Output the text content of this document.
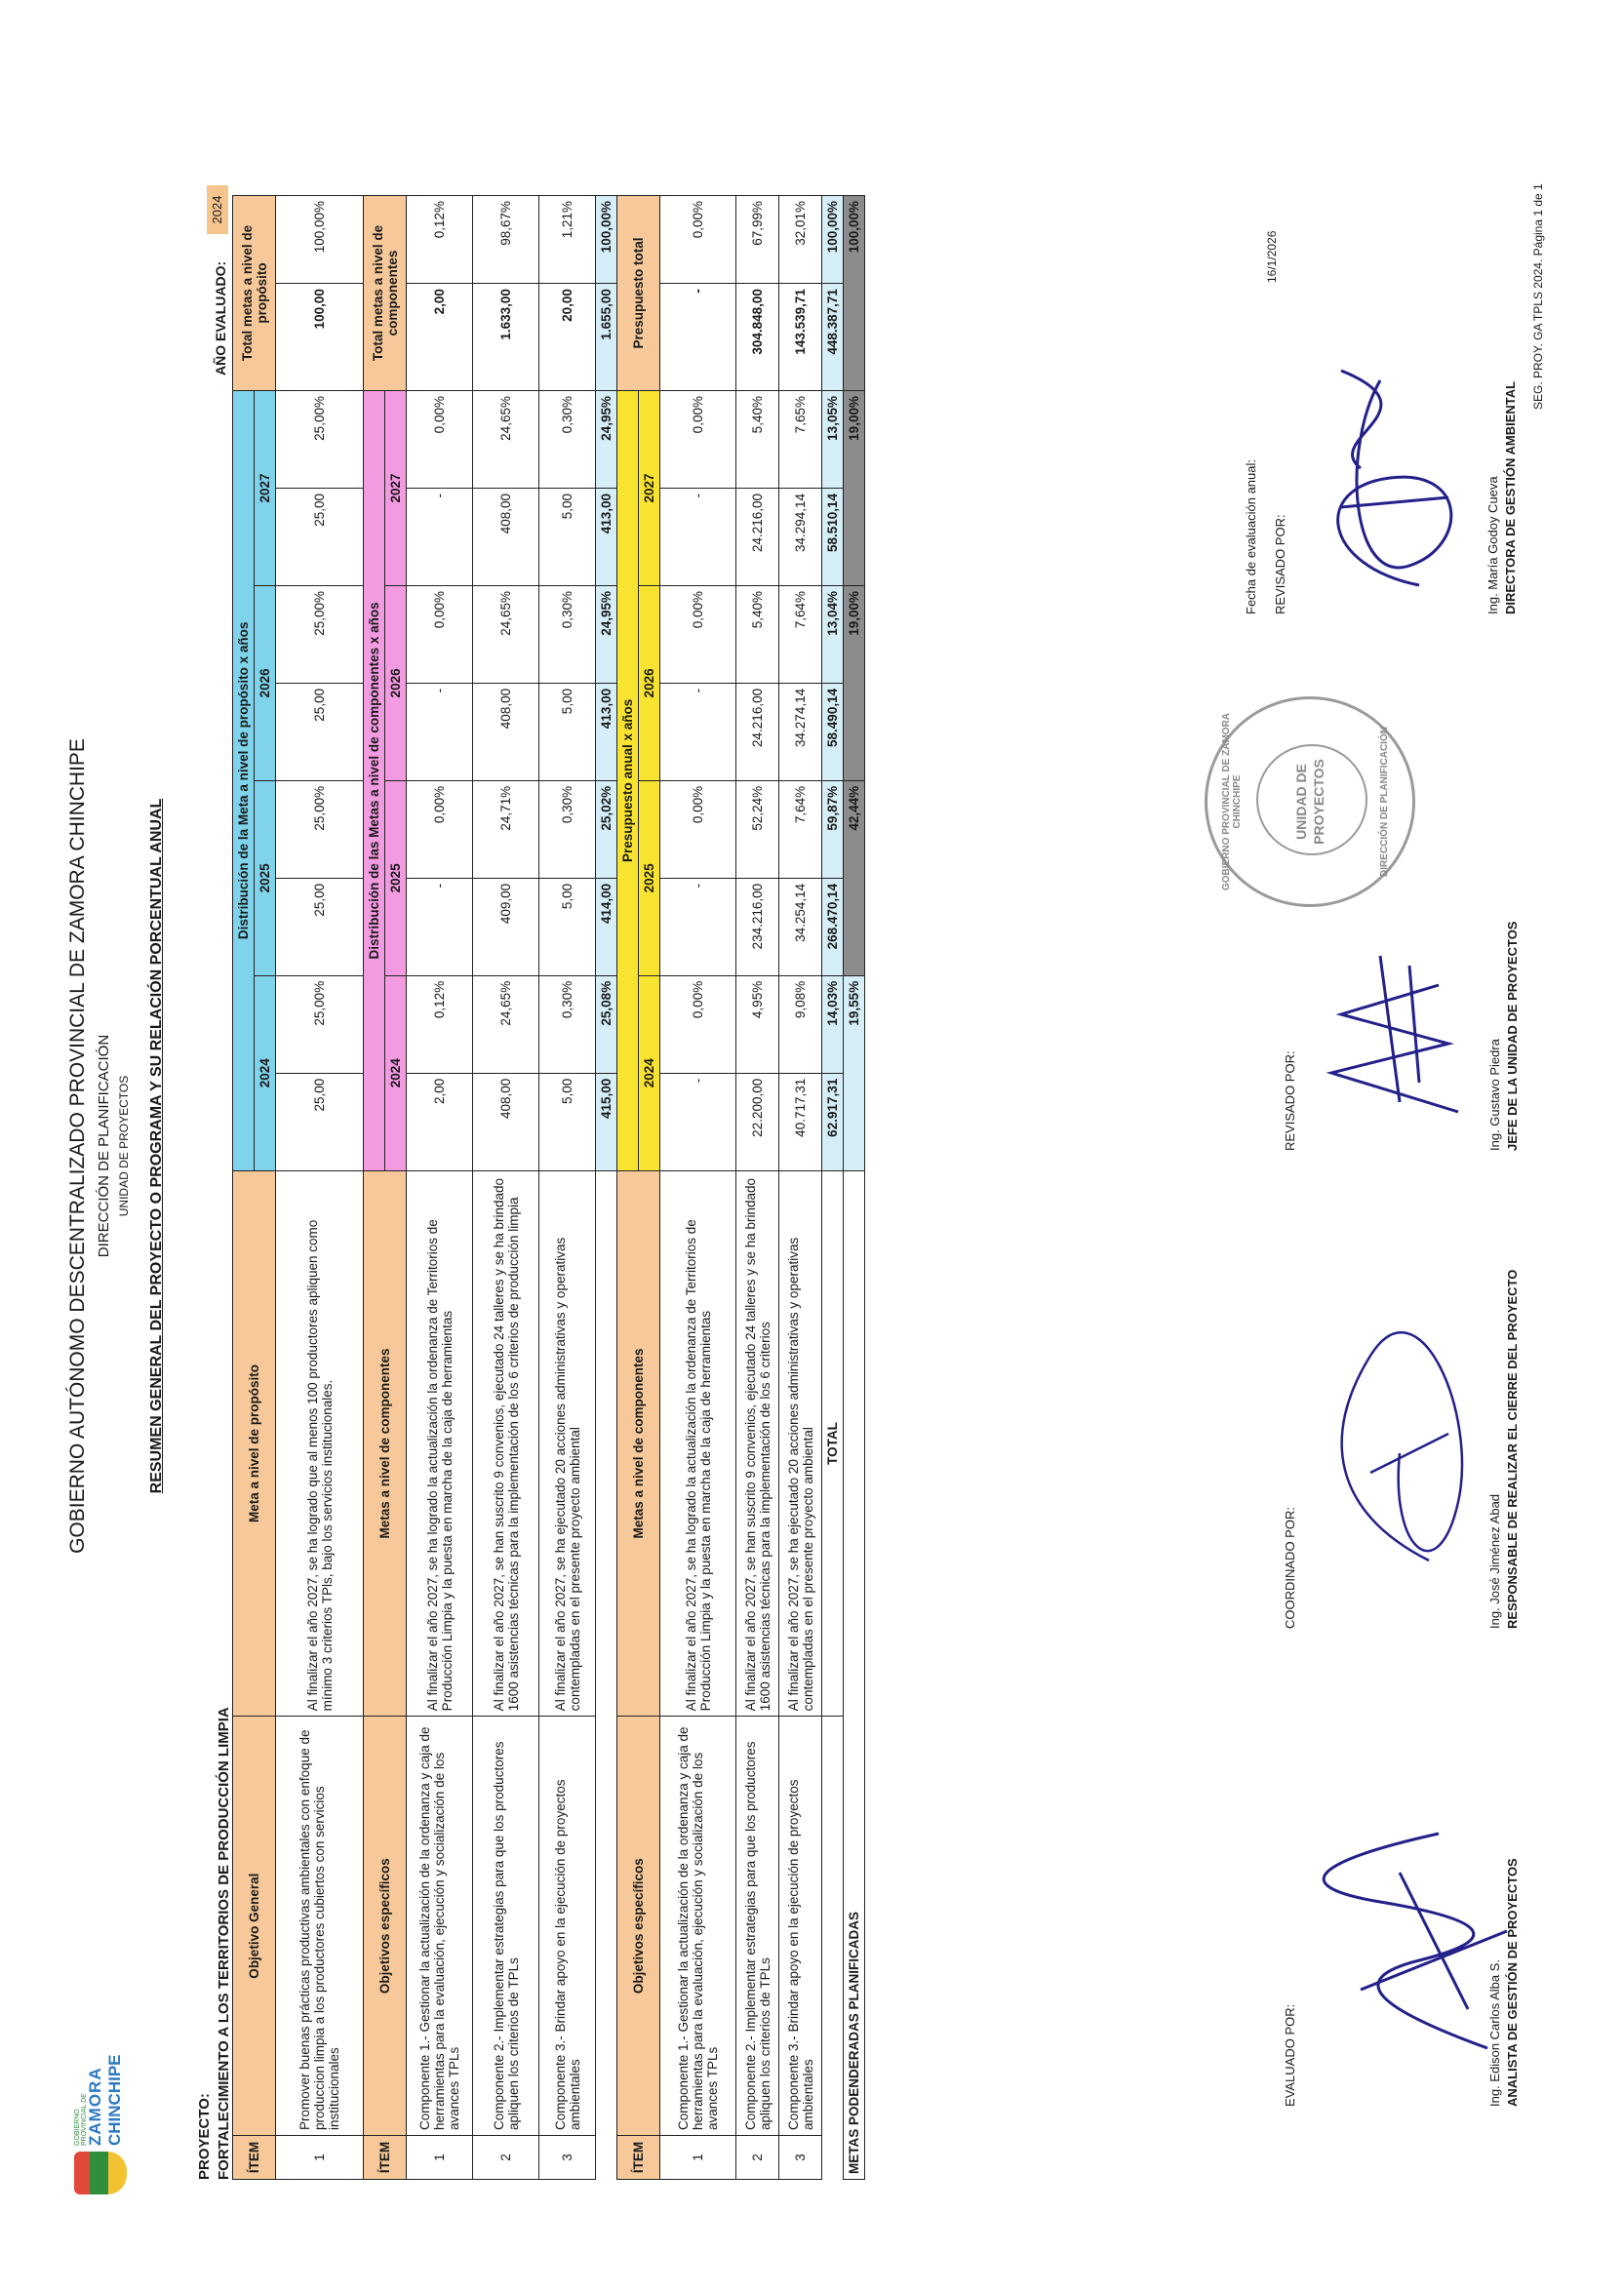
GOBIERNO PROVINCIAL DE
ZAMORA CHINCHIPE
GOBIERNO AUTÓNOMO DESCENTRALIZADO PROVINCIAL DE ZAMORA CHINCHIPE DIRECCIÓN DE PLANIFICACIÓN UNIDAD DE PROYECTOS RESUMEN GENERAL DEL PROYECTO O PROGRAMA Y SU RELACIÓN PORCENTUAL ANUAL
PROYECTO: FORTALECIMIENTO A LOS TERRITORIOS DE PRODUCCIÓN LIMPIA
AÑO EVALUADO:
2024
ÍTEM	Objetivo General	Meta a nivel de propósito	Distribución de la Meta a nivel de propósito x años								Total metas a nivel de propósito	
			2024		2025		2026		2027			
1	Promover buenas prácticas productivas ambientales con enfoque de produccion limpia a los productores cubiertos con servicios institucionales	Al finalizar el año 2027, se ha logrado que al menos 100 productores apliquen como mínimo 3 criterios TPls, bajo los servicios institucionales.	25,00	25,00%	25,00	25,00%	25,00	25,00%	25,00	25,00%	100,00	100,00%
ÍTEM	Objetivos específicos	Metas a nivel de componentes	Distribución de las Metas a nivel de componentes x años								Total metas a nivel de componentes	
			2024		2025		2026		2027			
1	Componente 1.- Gestionar la actualización de la ordenanza y caja de herramientas para la evaluación, ejecución y socialización de los avances TPLs	Al finalizar el año 2027, se ha logrado la actualización la ordenanza de Territorios de Producción Limpia y la puesta en marcha de la caja de herramientas	2,00	0,12%	-	0,00%	-	0,00%	-	0,00%	2,00	0,12%
2	Componente 2.- Implementar estrategias para que los productores apliquen los criterios de TPLs	Al finalizar el año 2027, se han suscrito 9 convenios, ejecutado 24 talleres y se ha brindado 1600 asistencias técnicas para la implementación de los 6 criterios de producción limpia	408,00	24,65%	409,00	24,71%	408,00	24,65%	408,00	24,65%	1.633,00	98,67%
3	Componente 3.- Brindar apoyo en la ejecución de proyectos ambientales	Al finalizar el año 2027, se ha ejecutado 20 acciones administrativas y operativas contempladas en el presente proyecto ambiental	5,00	0,30%	5,00	0,30%	5,00	0,30%	5,00	0,30%	20,00	1,21%
			415,00	25,08%	414,00	25,02%	413,00	24,95%	413,00	24,95%	1.655,00	100,00%
ÍTEM	Objetivos específicos	Metas a nivel de componentes	Presupuesto anual x años								Presupuesto total	
			2024		2025		2026		2027			
1	Componente 1.- Gestionar la actualización de la ordenanza y caja de herramientas para la evaluación, ejecución y socialización de los avances TPLs	Al finalizar el año 2027, se ha logrado la actualización la ordenanza de Territorios de Producción Limpia y la puesta en marcha de la caja de herramientas	-	0,00%	-	0,00%	-	0,00%	-	0,00%	-	0,00%
2	Componente 2.- Implementar estrategias para que los productores apliquen los criterios de TPLs	Al finalizar el año 2027, se han suscrito 9 convenios, ejecutado 24 talleres y se ha brindado 1600 asistencias técnicas para la implementación de los 6 criterios	22.200,00	4,95%	234.216,00	52,24%	24.216,00	5,40%	24.216,00	5,40%	304.848,00	67,99%
3	Componente 3.- Brindar apoyo en la ejecución de proyectos ambientales	Al finalizar el año 2027, se ha ejecutado 20 acciones administrativas y operativas contempladas en el presente proyecto ambiental	40.717,31	9,08%	34.254,14	7,64%	34.274,14	7,64%	34.294,14	7,65%	143.539,71	32,01%
		TOTAL	62.917,31	14,03%	268.470,14	59,87%	58.490,14	13,04%	58.510,14	13,05%	448.387,71	100,00%
METAS PODENDERADAS PLANIFICADAS			19,55%		42,44%		19,00%		19,00%		100,00%	
EVALUADO POR:	Ing. Edison Carlos Alba S. ANALISTA DE GESTIÓN DE PROYECTOS
COORDINADO POR:	Ing. José Jiménez Abad RESPONSABLE DE REALIZAR EL CIERRE DEL PROYECTO
REVISADO POR:	Ing. Gustavo Piedra JEFE DE LA UNIDAD DE PROYECTOS
GOBIERNO PROVINCIAL DE ZAMORA CHINCHIPE	UNIDAD DE PROYECTOS	DIRECCIÓN DE PLANIFICACIÓN
Fecha de evaluación anual: REVISADO POR:	Ing. María Godoy Cueva DIRECTORA DE GESTIÓN AMBIENTAL
16/1/2026	SEG. PROY. GA TPLS 2024. Página 1 de 1
